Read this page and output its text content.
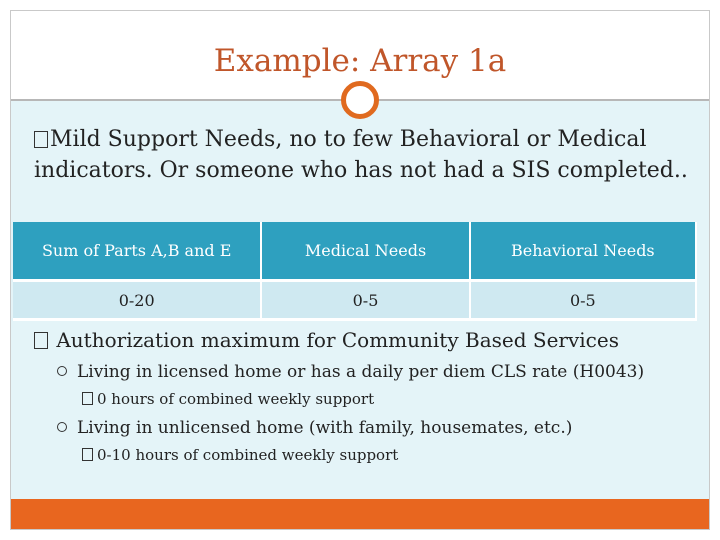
Example: Array 1a
Mild Support Needs, no to few Behavioral or Medical indicators. Or someone who has not had a SIS completed..
Sum of Parts A,B and E	Medical Needs	Behavioral Needs
0-20	0-5	0-5
Authorization maximum for Community Based Services
Living in licensed home or has a daily per diem CLS rate (H0043)
0 hours of combined weekly support
Living in unlicensed home (with family, housemates, etc.)
0-10 hours of combined weekly support
